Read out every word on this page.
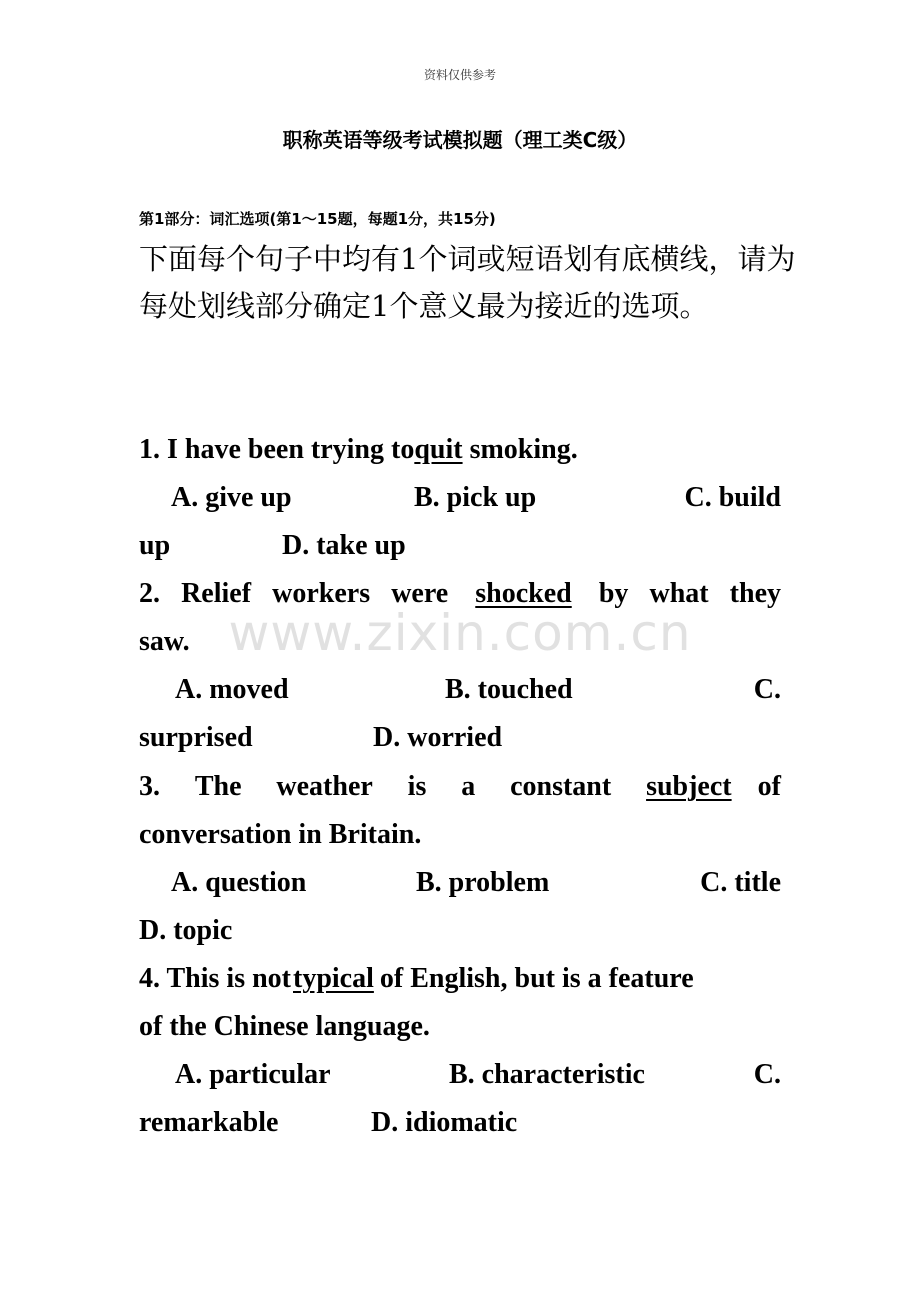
资料仅供参考
职称英语等级考试模拟题（理工类C级）
第1部分：词汇选项(第1～15题，每题1分，共15分)
下面每个句子中均有1个词或短语划有底横线，请为每处划线部分确定1个意义最为接近的选项。
www.zixin.com.cn
1. I have been trying toquit smoking.
A. give up	B. pick up	C. build
up	D. take up
2. Relief workers were shocked by what they
saw.
A. moved	B. touched	C.
surprised	D. worried
3. The weather is a constant subject of
conversation in Britain.
A. question	B. problem	C. title
D. topic
4. This is nottypical of English, but is a feature
of the Chinese language.
A. particular	B. characteristic	C.
remarkable	D. idiomatic
